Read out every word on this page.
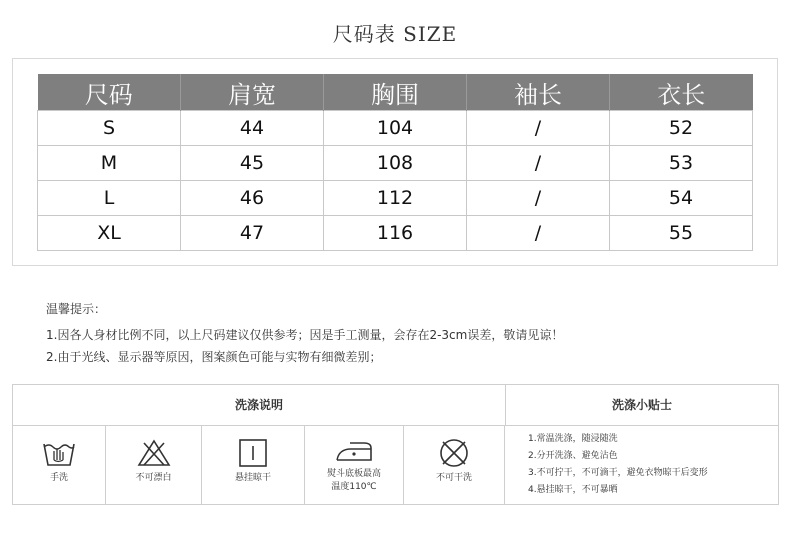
尺码表 SIZE
尺码	肩宽	胸围	袖长	衣长
S	44	104	/	52
M	45	108	/	53
L	46	112	/	54
XL	47	116	/	55
温馨提示：
1.因各人身材比例不同，以上尺码建议仅供参考；因是手工测量，会存在2-3cm误差，敬请见谅！
2.由于光线、显示器等原因，图案颜色可能与实物有细微差别；
洗涤说明	洗涤小贴士
手洗	不可漂白	悬挂晾干	熨斗底板最高
温度110℃
不可干洗
1.常温洗涤，随浸随洗
2.分开洗涤、避免沾色
3.不可拧干，不可滴干，避免衣物晾干后变形
4.悬挂晾干，不可暴晒
